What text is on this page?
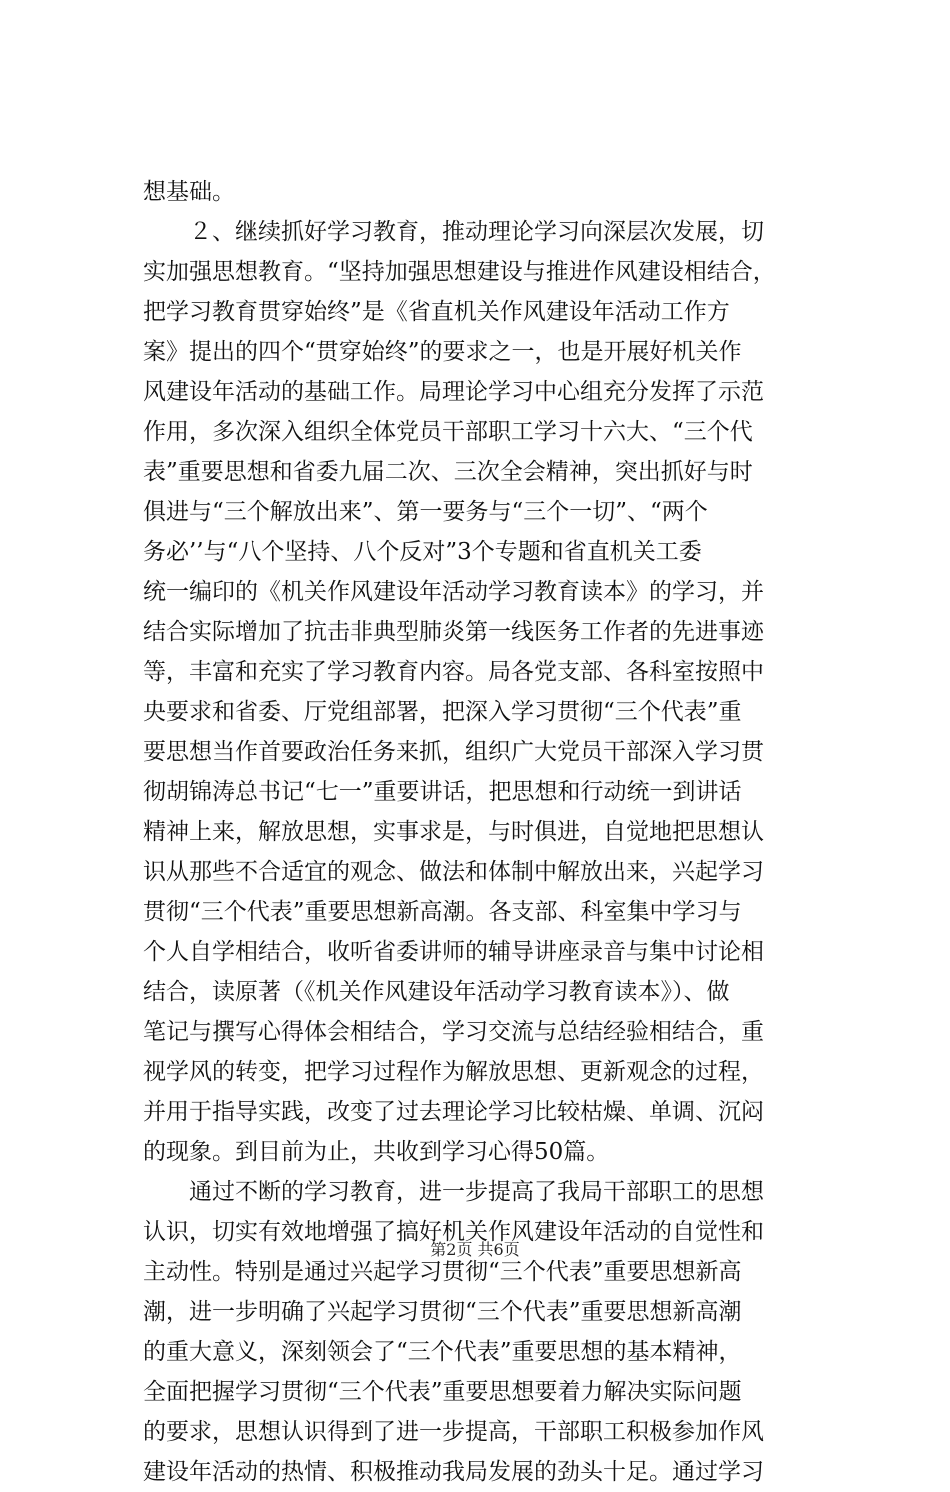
想基础。
　　２、继续抓好学习教育，推动理论学习向深层次发展，切
实加强思想教育。“坚持加强思想建设与推进作风建设相结合，
把学习教育贯穿始终”是《省直机关作风建设年活动工作方
案》提出的四个“贯穿始终”的要求之一，也是开展好机关作
风建设年活动的基础工作。局理论学习中心组充分发挥了示范
作用，多次深入组织全体党员干部职工学习十六大、“三个代
表”重要思想和省委九届二次、三次全会精神，突出抓好与时
俱进与“三个解放出来”、第一要务与“三个一切”、“两个
务必’’与“八个坚持、八个反对”3个专题和省直机关工委
统一编印的《机关作风建设年活动学习教育读本》的学习，并
结合实际增加了抗击非典型肺炎第一线医务工作者的先进事迹
等，丰富和充实了学习教育内容。局各党支部、各科室按照中
央要求和省委、厅党组部署，把深入学习贯彻“三个代表”重
要思想当作首要政治任务来抓，组织广大党员干部深入学习贯
彻胡锦涛总书记“七一”重要讲话，把思想和行动统一到讲话
精神上来，解放思想，实事求是，与时俱进，自觉地把思想认
识从那些不合适宜的观念、做法和体制中解放出来，兴起学习
贯彻“三个代表”重要思想新高潮。各支部、科室集中学习与
个人自学相结合，收听省委讲师的辅导讲座录音与集中讨论相
结合，读原著（《机关作风建设年活动学习教育读本》）、做
笔记与撰写心得体会相结合，学习交流与总结经验相结合，重
视学风的转变，把学习过程作为解放思想、更新观念的过程，
并用于指导实践，改变了过去理论学习比较枯燥、单调、沉闷
的现象。到目前为止，共收到学习心得50篇。
　　通过不断的学习教育，进一步提高了我局干部职工的思想
认识，切实有效地增强了搞好机关作风建设年活动的自觉性和
主动性。特别是通过兴起学习贯彻“三个代表”重要思想新高
潮，进一步明确了兴起学习贯彻“三个代表”重要思想新高潮
的重大意义，深刻领会了“三个代表”重要思想的基本精神，
全面把握学习贯彻“三个代表”重要思想要着力解决实际问题
的要求，思想认识得到了进一步提高，干部职工积极参加作风
建设年活动的热情、积极推动我局发展的劲头十足。通过学习
第2页 共6页
